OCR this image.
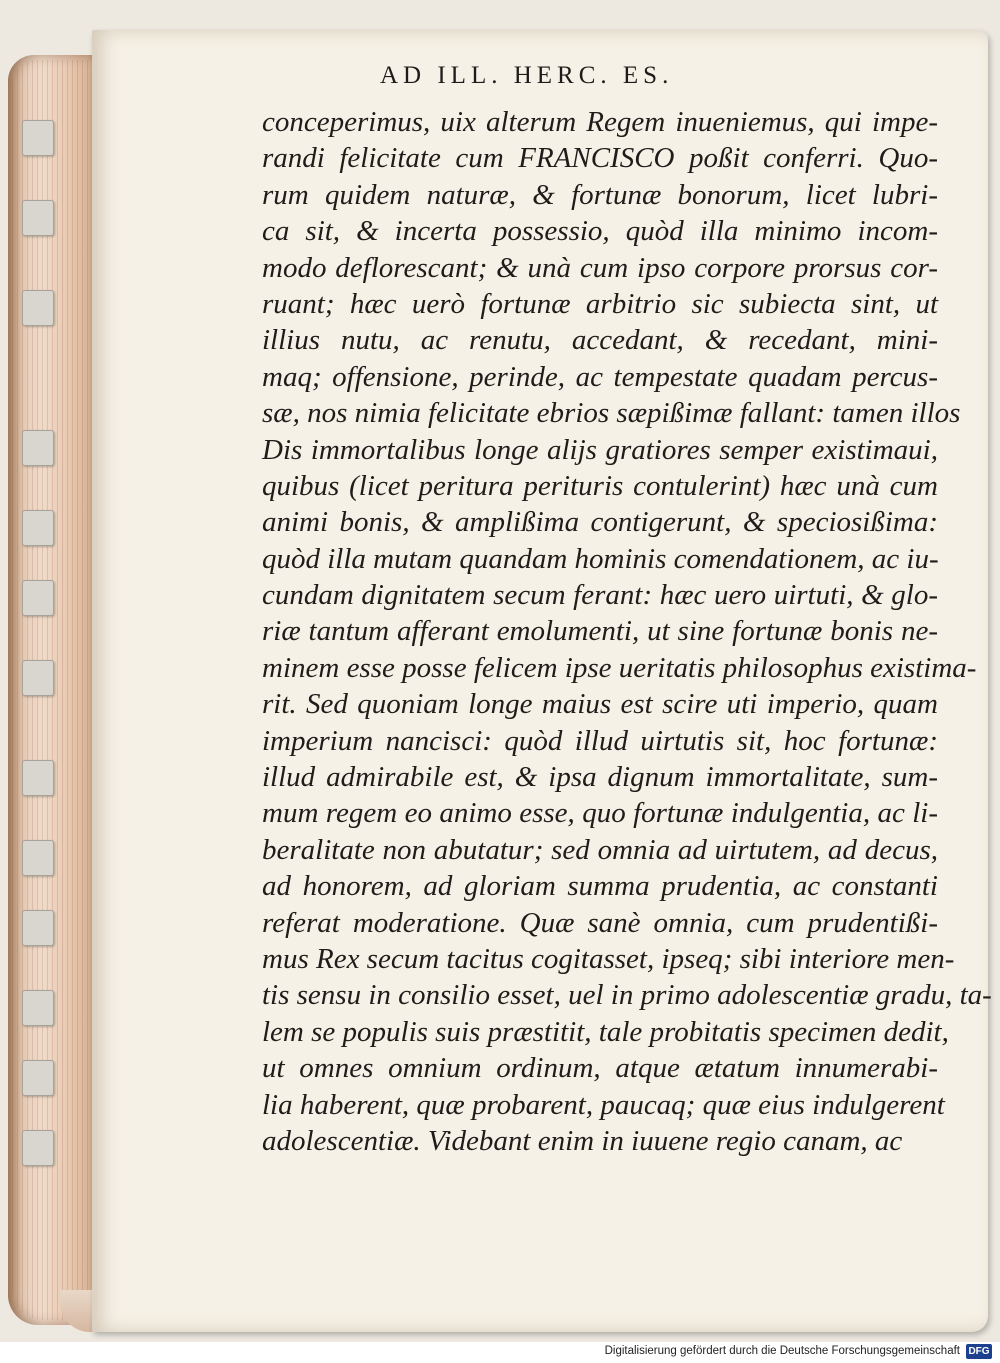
AD ILL. HERC. ES.
conceperimus, uix alterum Regem inueniemus, qui impe-
randi felicitate cum FRANCISCO poßit conferri. Quo-
rum quidem naturæ, & fortunæ bonorum, licet lubri-
ca sit, & incerta possessio, quòd illa minimo incom-
modo deflorescant; & unà cum ipso corpore prorsus cor-
ruant; hæc uerò fortunæ arbitrio sic subiecta sint, ut
illius nutu, ac renutu, accedant, & recedant, mini-
maq; offensione, perinde, ac tempestate quadam percus-
sæ, nos nimia felicitate ebrios sæpißimæ fallant: tamen illos
Dis immortalibus longe alijs gratiores semper existimaui,
quibus (licet peritura perituris contulerint) hæc unà cum
animi bonis, & amplißima contigerunt, & speciosißima:
quòd illa mutam quandam hominis comendationem, ac iu-
cundam dignitatem secum ferant: hæc uero uirtuti, & glo-
riæ tantum afferant emolumenti, ut sine fortunæ bonis ne-
minem esse posse felicem ipse ueritatis philosophus existima-
rit. Sed quoniam longe maius est scire uti imperio, quam
imperium nancisci: quòd illud uirtutis sit, hoc fortunæ:
illud admirabile est, & ipsa dignum immortalitate, sum-
mum regem eo animo esse, quo fortunæ indulgentia, ac li-
beralitate non abutatur; sed omnia ad uirtutem, ad decus,
ad honorem, ad gloriam summa prudentia, ac constanti
referat moderatione. Quæ sanè omnia, cum prudentißi-
mus Rex secum tacitus cogitasset, ipseq; sibi interiore men-
tis sensu in consilio esset, uel in primo adolescentiæ gradu, ta-
lem se populis suis præstitit, tale probitatis specimen dedit,
ut omnes omnium ordinum, atque ætatum innumerabi-
lia haberent, quæ probarent, paucaq; quæ eius indulgerent
adolescentiæ. Videbant enim in iuuene regio canam, ac
Digitalisierung gefördert durch die Deutsche Forschungsgemeinschaft DFG
